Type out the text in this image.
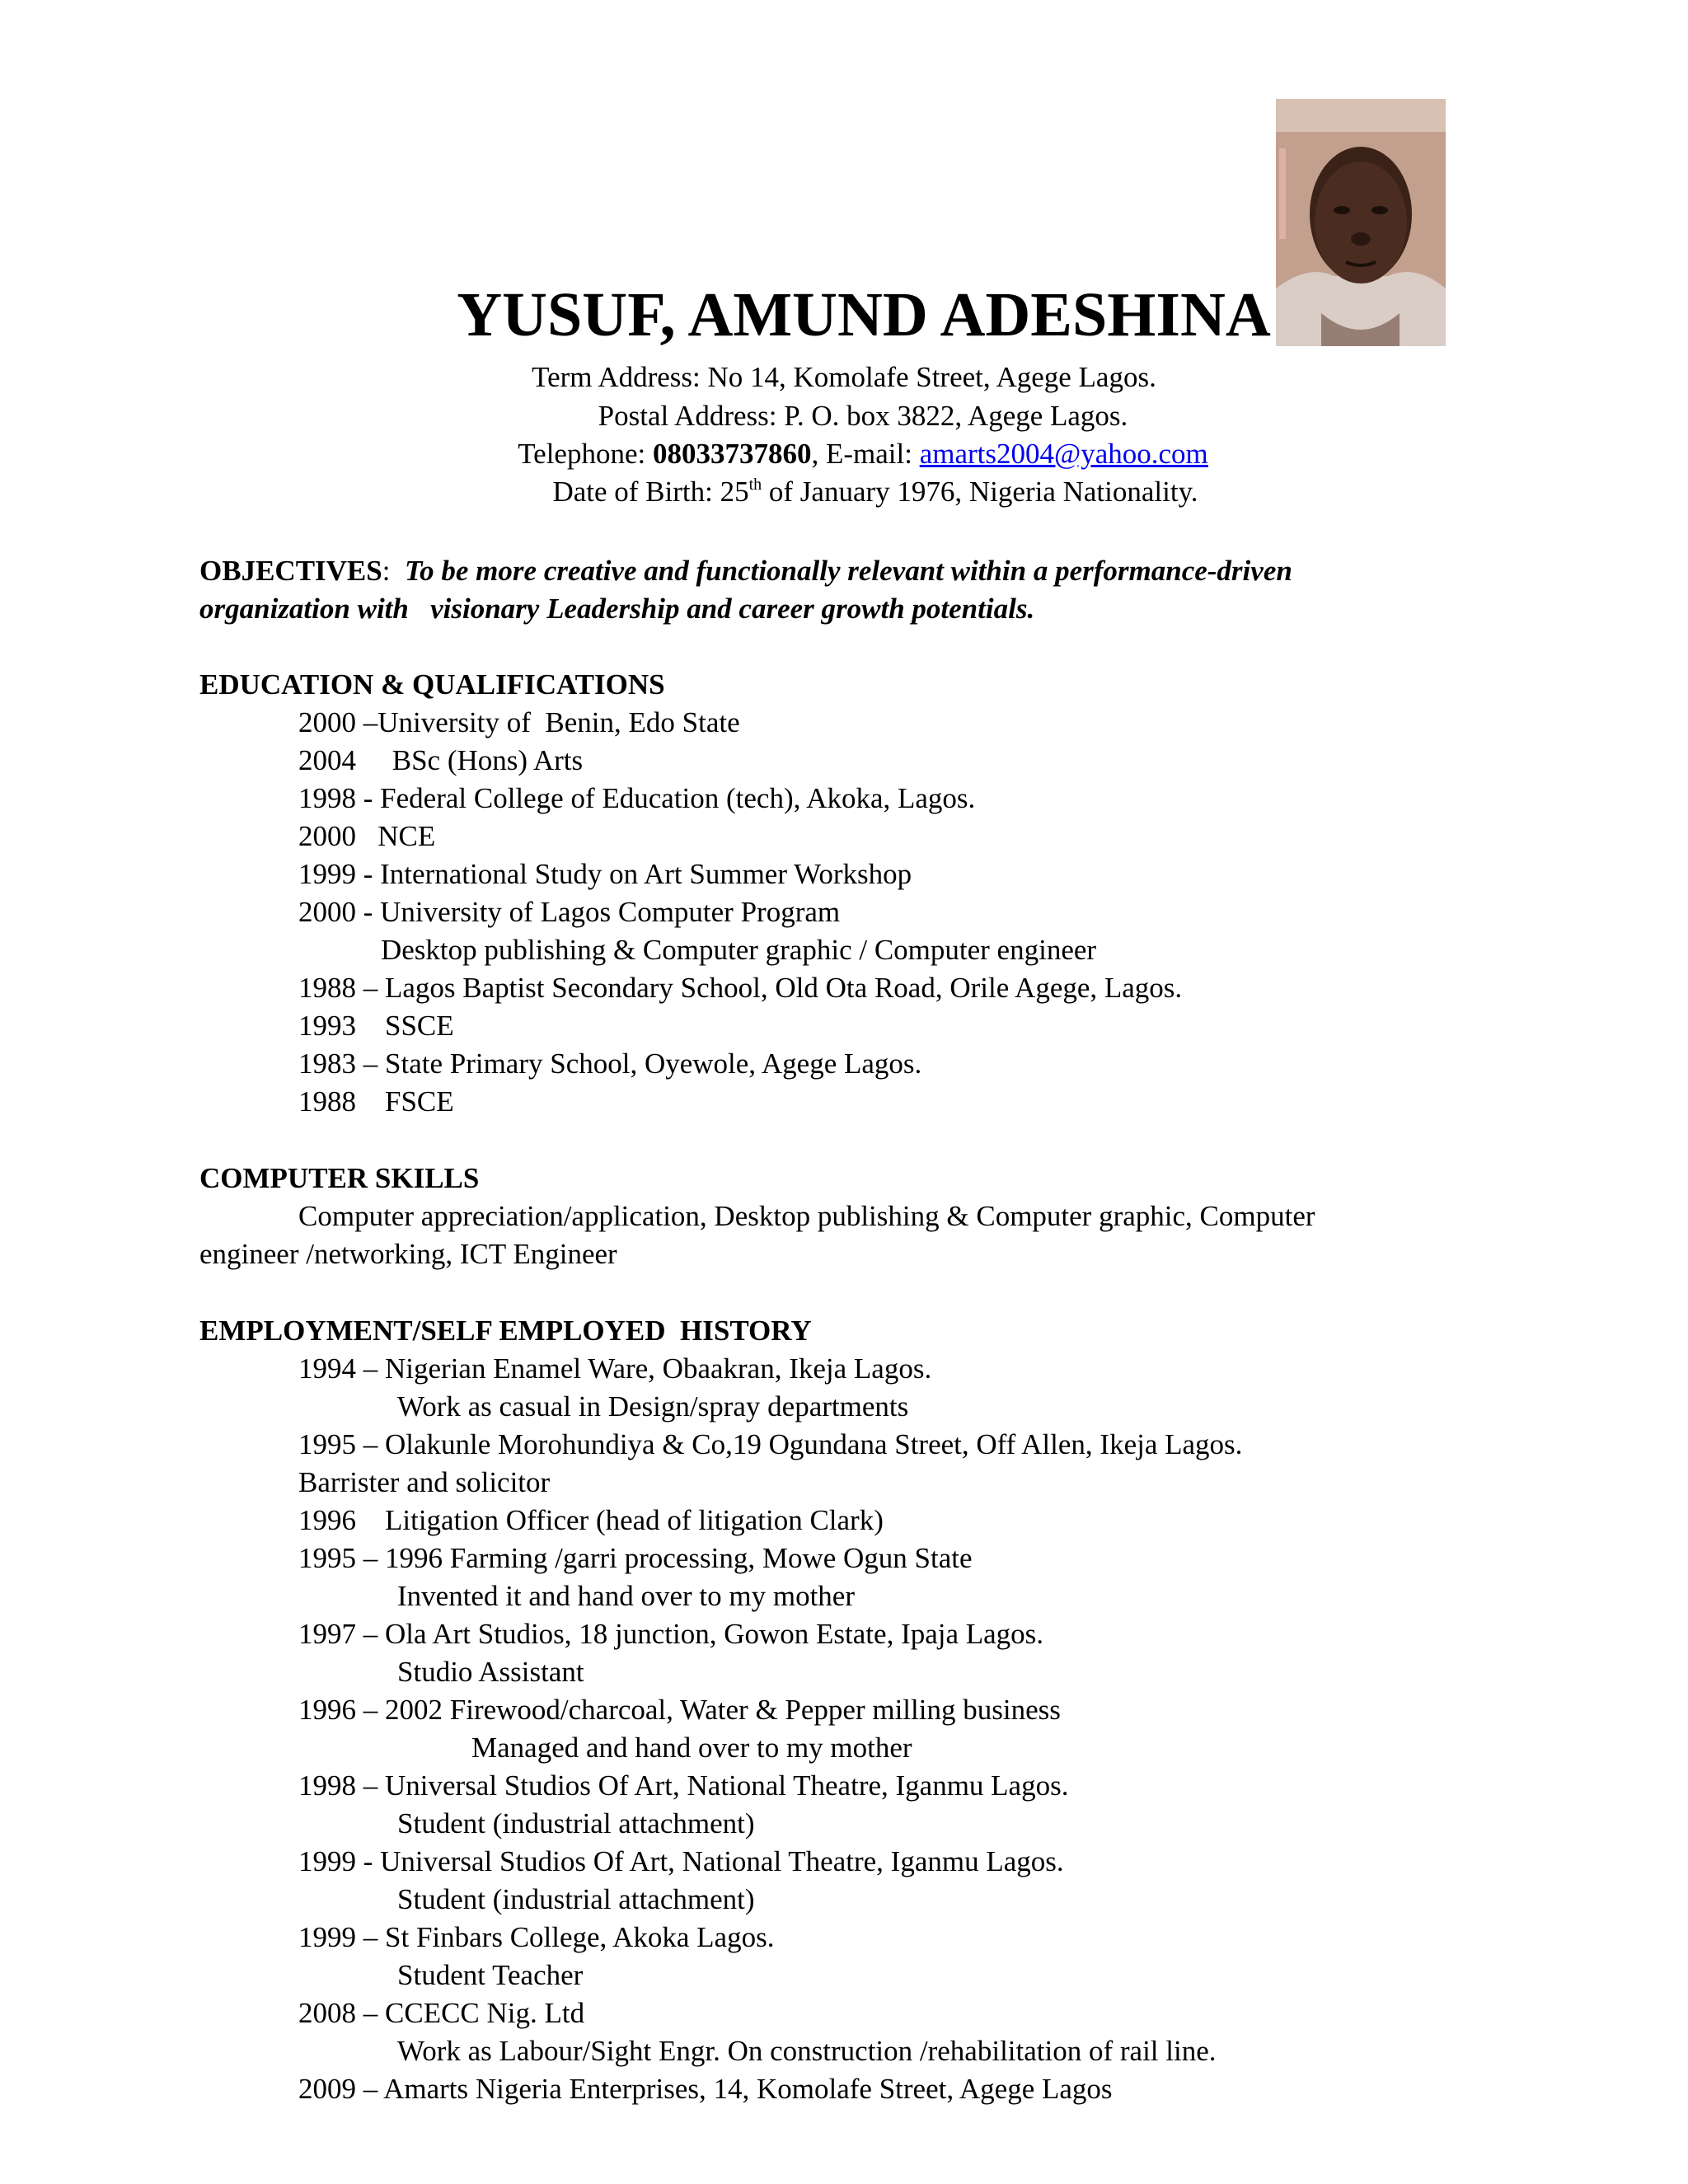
YUSUF, AMUND ADESHINA
Term Address: No 14, Komolafe Street, Agege Lagos.
Postal Address: P. O. box 3822, Agege Lagos.
Telephone: 08033737860, E-mail: amarts2004@yahoo.com
Date of Birth: 25th of January 1976, Nigeria Nationality.
OBJECTIVES:  To be more creative and functionally relevant within a performance-driven
organization with   visionary Leadership and career growth potentials.
EDUCATION & QUALIFICATIONS
2000 –University of  Benin, Edo State
2004     BSc (Hons) Arts
1998 - Federal College of Education (tech), Akoka, Lagos.
2000   NCE
1999 - International Study on Art Summer Workshop
2000 - University of Lagos Computer Program
Desktop publishing & Computer graphic / Computer engineer
1988 – Lagos Baptist Secondary School, Old Ota Road, Orile Agege, Lagos.
1993    SSCE
1983 – State Primary School, Oyewole, Agege Lagos.
1988    FSCE
COMPUTER SKILLS
Computer appreciation/application, Desktop publishing & Computer graphic, Computer
engineer /networking, ICT Engineer
EMPLOYMENT/SELF EMPLOYED  HISTORY
1994 – Nigerian Enamel Ware, Obaakran, Ikeja Lagos.
Work as casual in Design/spray departments
1995 – Olakunle Morohundiya & Co,19 Ogundana Street, Off Allen, Ikeja Lagos.
Barrister and solicitor
1996    Litigation Officer (head of litigation Clark)
1995 – 1996 Farming /garri processing, Mowe Ogun State
Invented it and hand over to my mother
1997 – Ola Art Studios, 18 junction, Gowon Estate, Ipaja Lagos.
Studio Assistant
1996 – 2002 Firewood/charcoal, Water & Pepper milling business
Managed and hand over to my mother
1998 – Universal Studios Of Art, National Theatre, Iganmu Lagos.
Student (industrial attachment)
1999 - Universal Studios Of Art, National Theatre, Iganmu Lagos.
Student (industrial attachment)
1999 – St Finbars College, Akoka Lagos.
Student Teacher
2008 – CCECC Nig. Ltd
Work as Labour/Sight Engr. On construction /rehabilitation of rail line.
2009 – Amarts Nigeria Enterprises, 14, Komolafe Street, Agege Lagos
